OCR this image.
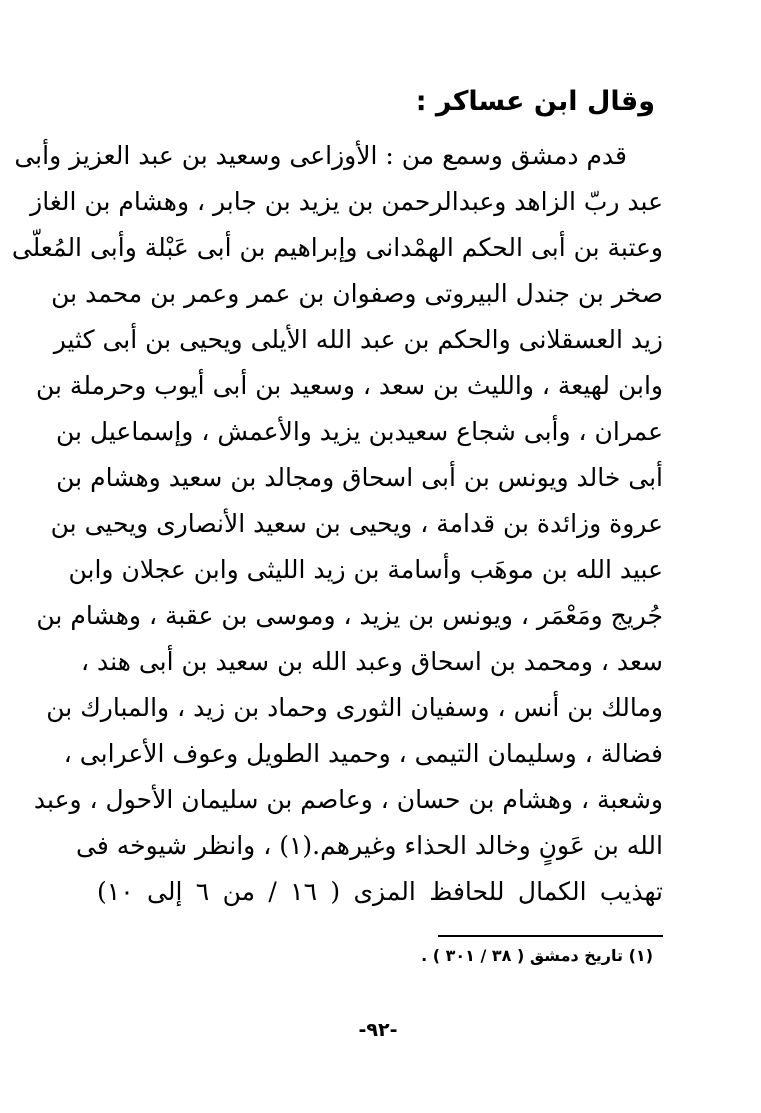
وقال ابن عساكر :
قدم دمشق وسمع من : الأوزاعى وسعيد بن عبد العزيز وأبى
عبد ربّ الزاهد وعبدالرحمن بن يزيد بن جابر ، وهشام بن الغاز
وعتبة بن أبى الحكم الهمْدانى وإبراهيم بن أبى عَبْلة وأبى المُعلّى
صخر بن جندل البيروتى وصفوان بن عمر وعمر بن محمد بن
زيد العسقلانى والحكم بن عبد الله الأيلى ويحيى بن أبى كثير
وابن لهيعة ، والليث بن سعد ، وسعيد بن أبى أيوب وحرملة بن
عمران ، وأبى شجاع سعيدبن يزيد والأعمش ، وإسماعيل بن
أبى خالد ويونس بن أبى اسحاق ومجالد بن سعيد وهشام بن
عروة وزائدة بن قدامة ، ويحيى بن سعيد الأنصارى ويحيى بن
عبيد الله بن موهَب وأسامة بن زيد الليثى وابن عجلان وابن
جُريج ومَعْمَر ، ويونس بن يزيد ، وموسى بن عقبة ، وهشام بن
سعد ، ومحمد بن اسحاق وعبد الله بن سعيد بن أبى هند ،
ومالك بن أنس ، وسفيان الثورى وحماد بن زيد ، والمبارك بن
فضالة ، وسليمان التيمى ، وحميد الطويل وعوف الأعرابى ،
وشعبة ، وهشام بن حسان ، وعاصم بن سليمان الأحول ، وعبد
الله بن عَونٍ وخالد الحذاء وغيرهم.(١) ، وانظر شيوخه فى
تهذيب الكمال للحافظ المزى ( ١٦ / من ٦ إلى ١٠)
(١) تاريخ دمشق ( ٣٨ / ٣٠١ ) .
-٩٢-
